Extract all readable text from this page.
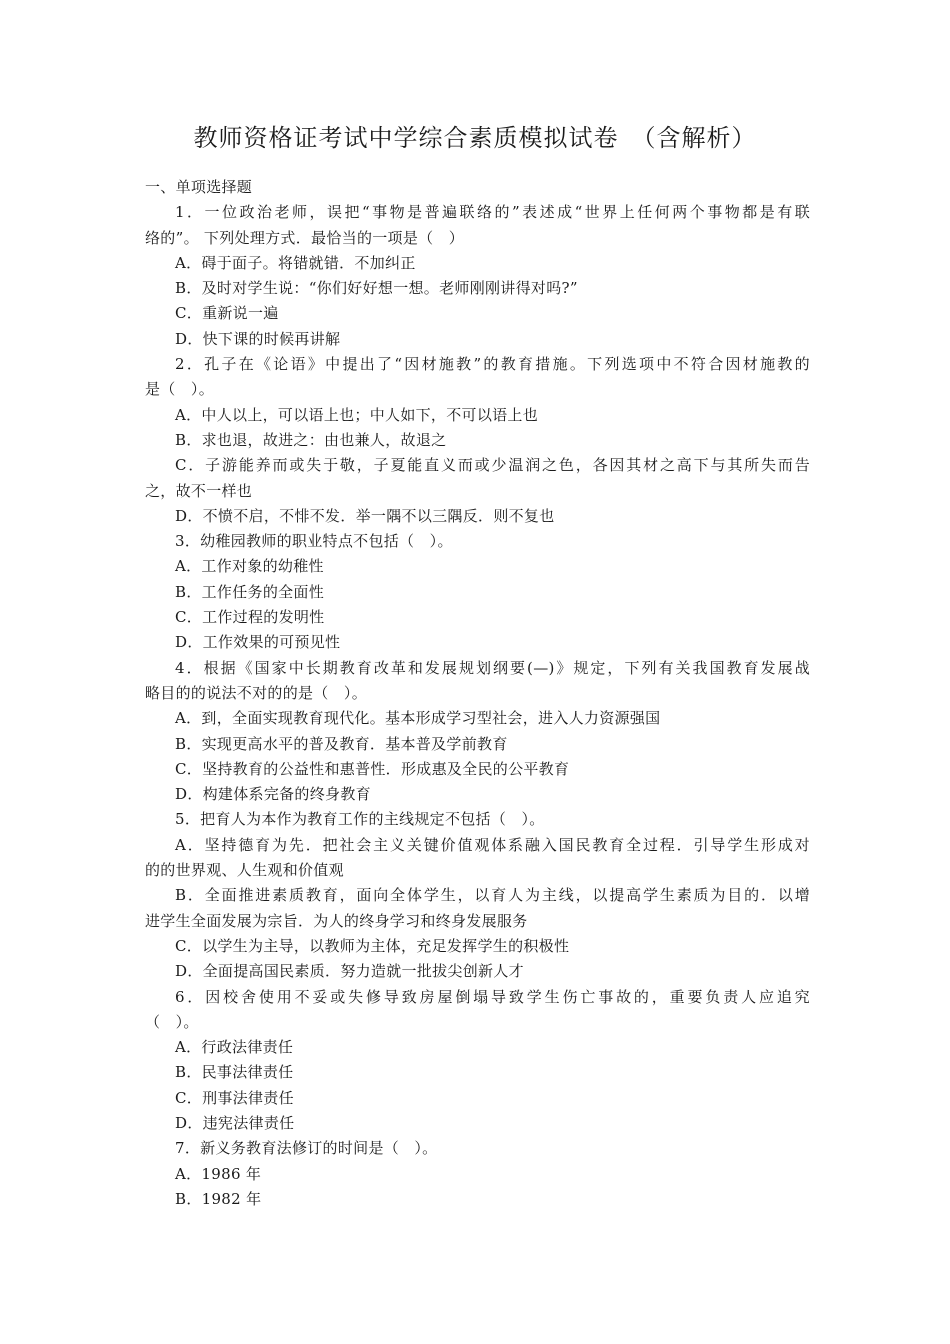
教师资格证考试中学综合素质模拟试卷　（含解析）
一、单项选择题
1．一位政治老师，误把“事物是普遍联络的”表述成“世界上任何两个事物都是有联
络的”。 下列处理方式．最恰当的一项是（　）
A．碍于面子。将错就错．不加纠正
B．及时对学生说：“你们好好想一想。老师刚刚讲得对吗?”
C．重新说一遍
D．快下课的时候再讲解
2．孔子在《论语》中提出了“因材施教”的教育措施。下列选项中不符合因材施教的
是（　）。
A．中人以上，可以语上也；中人如下，不可以语上也
B．求也退，故进之：由也兼人，故退之
C．子游能养而或失于敬，子夏能直义而或少温润之色，各因其材之高下与其所失而告
之，故不一样也
D．不愤不启，不悱不发．举一隅不以三隅反．则不复也
3．幼稚园教师的职业特点不包括（　）。
A．工作对象的幼稚性
B．工作任务的全面性
C．工作过程的发明性
D．工作效果的可预见性
4．根据《国家中长期教育改革和发展规划纲要(—)》规定，下列有关我国教育发展战
略目的的说法不对的的是（　）。
A．到，全面实现教育现代化。基本形成学习型社会，进入人力资源强国
B．实现更高水平的普及教育．基本普及学前教育
C．坚持教育的公益性和惠普性．形成惠及全民的公平教育
D．构建体系完备的终身教育
5．把育人为本作为教育工作的主线规定不包括（　）。
A．坚持德育为先．把社会主义关键价值观体系融入国民教育全过程．引导学生形成对
的的世界观、人生观和价值观
B．全面推进素质教育，面向全体学生，以育人为主线，以提高学生素质为目的．以增
进学生全面发展为宗旨．为人的终身学习和终身发展服务
C．以学生为主导，以教师为主体，充足发挥学生的积极性
D．全面提高国民素质．努力造就一批拔尖创新人才
6．因校舍使用不妥或失修导致房屋倒塌导致学生伤亡事故的，重要负责人应追究
（　）。
A．行政法律责任
B．民事法律责任
C．刑事法律责任
D．违宪法律责任
7．新义务教育法修订的时间是（　）。
A．1986 年
B．1982 年
